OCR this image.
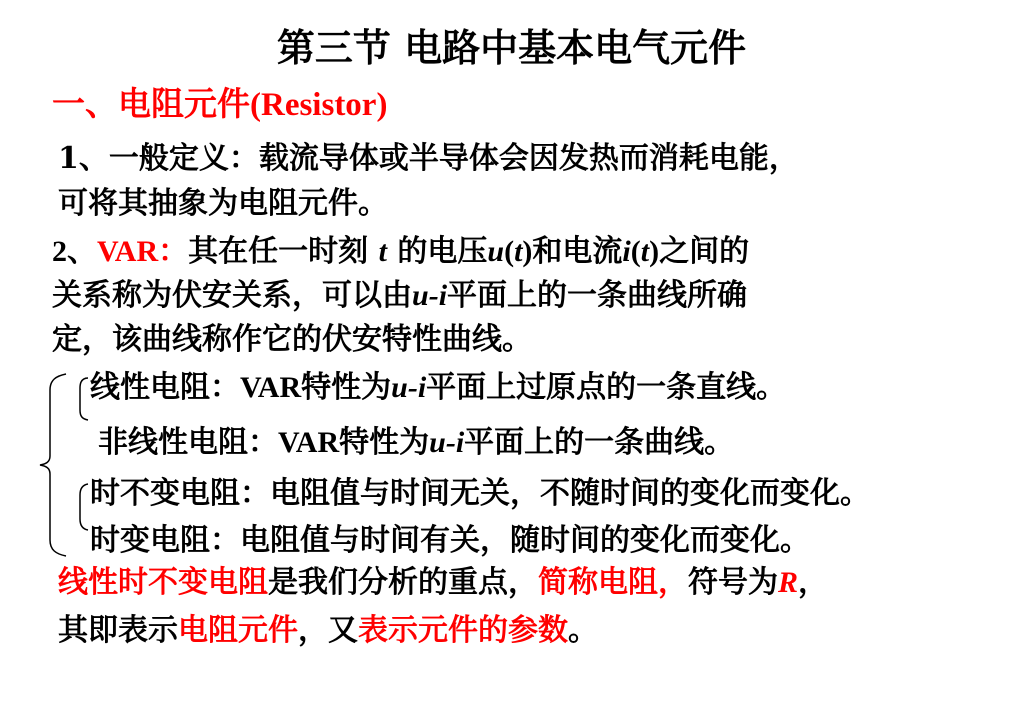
第三节 电路中基本电气元件
一、电阻元件(Resistor)
1、一般定义：载流导体或半导体会因发热而消耗电能，
可将其抽象为电阻元件。
2、VAR：其在任一时刻 t 的电压u(t)和电流i(t)之间的
关系称为伏安关系，可以由u-i平面上的一条曲线所确
定，该曲线称作它的伏安特性曲线。
线性电阻：VAR特性为u-i平面上过原点的一条直线。
非线性电阻：VAR特性为u-i平面上的一条曲线。
时不变电阻：电阻值与时间无关，不随时间的变化而变化。
时变电阻：电阻值与时间有关，随时间的变化而变化。
线性时不变电阻是我们分析的重点，简称电阻，符号为R，
其即表示电阻元件，又表示元件的参数。
